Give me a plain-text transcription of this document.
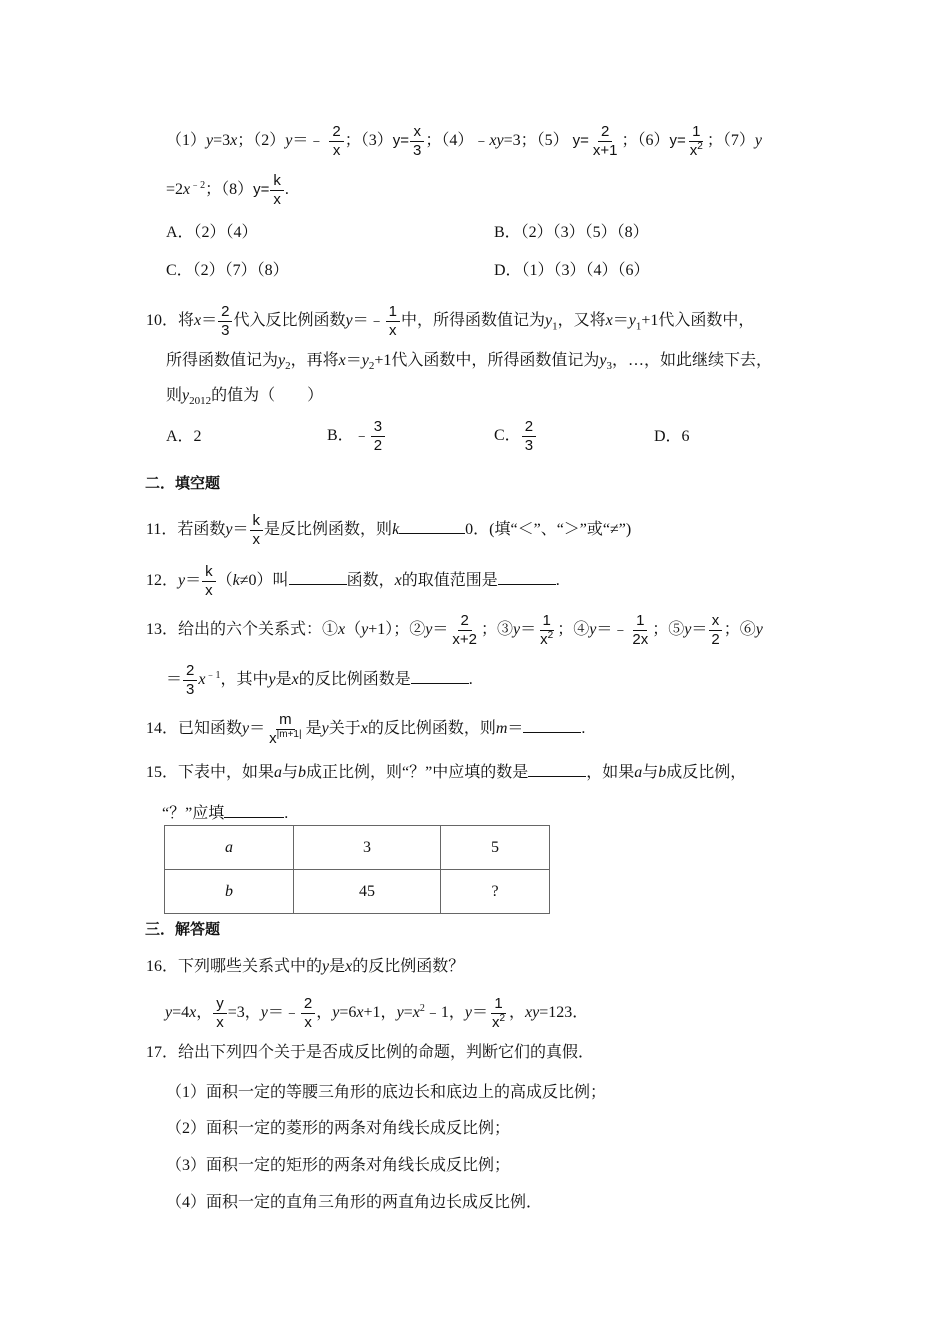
（1）y=3x；（2）y＝﹣ $\frac{2}{x}$ ；$(3)y= \frac{x}{3}$ ；（4）﹣xy=3；（5） $y= \frac{2}{x+1}$ ；$(6)y= \frac{1}{x^2}$ ；（7）y
$=2x^{﹣2}$；$(8)y= \frac{k}{x}$ .
A．（2）（4）	B．（2）（3）（5）（8）
C．（2）（7）（8）	D．（1）（3）（4）（6）
10．将$x= \frac{2}{3}$ 代入反比例函数y＝﹣ $\frac{1}{x}$ 中，所得函数值记为$y_1$，又将$x=y_1+1$代入函数中，
所得函数值记为$y_2$，再将$x=y_2+1$代入函数中，所得函数值记为$y_3$，…，如此继续下去，
则$y_{2012}$的值为（　　）
A．2	B．﹣ $\frac{3}{2}$	C． $\frac{2}{3}$	D．6
二．填空题
11．若函数$y= \frac{k}{x}$ 是反比例函数，则k	0．(填“＜”、“＞”或“≠”)
12．$y= \frac{k}{x} (k\ne 0)$叫	函数，x的取值范围是	.
13．给出的六个关系式：①x（y+1）；②y＝ $\frac{2}{x+2}$ ；③y＝ $\frac{1}{x^2}$ ；④y＝﹣ $\frac{1}{2x}$ ；⑤y＝ $\frac{x}{2}$ ；⑥y
＝ $\frac{2}{3} x^{﹣1}$，其中y是x的反比例函数是	.
14．已知函数$y= \frac{m}{x^{|m+1|}}$ 是y关于x的反比例函数，则m＝	.
15．下表中，如果a与b成正比例，则“？”中应填的数是	，如果a与b成反比例，
“？”应填	.
a	3	5
b	45	?
三．解答题
16．下列哪些关系式中的y是x的反比例函数？
y=4x， $\frac{y}{x} =3$，y＝﹣ $\frac{2}{x}$ ，y=6x+1，$y=x^2﹣1$，$y= \frac{1}{x^2}$ ，xy=123．
17．给出下列四个关于是否成反比例的命题，判断它们的真假．
（1）面积一定的等腰三角形的底边长和底边上的高成反比例；
（2）面积一定的菱形的两条对角线长成反比例；
（3）面积一定的矩形的两条对角线长成反比例；
（4）面积一定的直角三角形的两直角边长成反比例．
